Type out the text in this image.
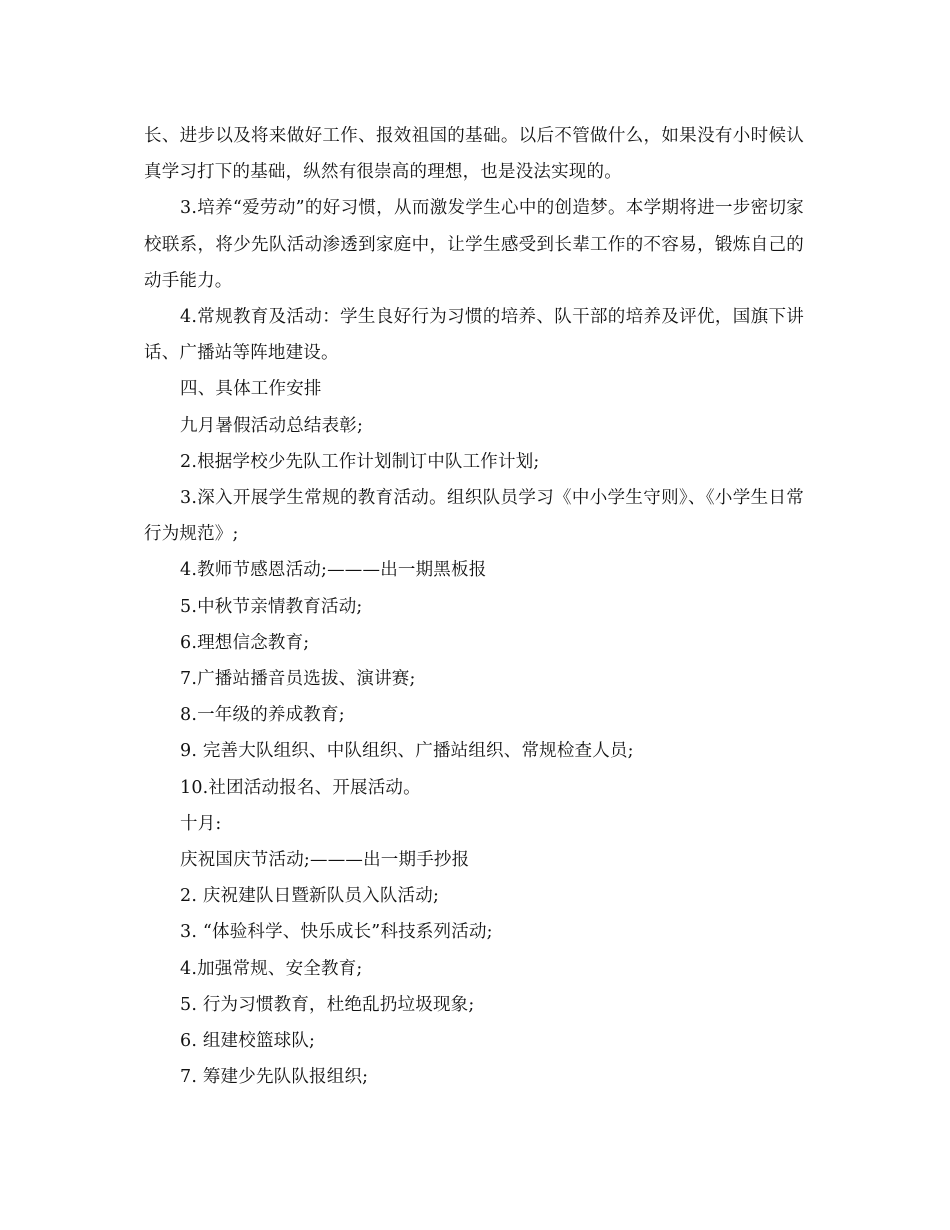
长、进步以及将来做好工作、报效祖国的基础。以后不管做什么，如果没有小时候认真学习打下的基础，纵然有很崇高的理想，也是没法实现的。

3.培养“爱劳动”的好习惯，从而激发学生心中的创造梦。本学期将进一步密切家校联系，将少先队活动渗透到家庭中，让学生感受到长辈工作的不容易，锻炼自己的动手能力。

4.常规教育及活动：学生良好行为习惯的培养、队干部的培养及评优，国旗下讲话、广播站等阵地建设。

四、具体工作安排

九月暑假活动总结表彰;

2.根据学校少先队工作计划制订中队工作计划;

3.深入开展学生常规的教育活动。组织队员学习《中小学生守则》、《小学生日常行为规范》;

4.教师节感恩活动;———出一期黑板报

5.中秋节亲情教育活动;

6.理想信念教育;

7.广播站播音员选拔、演讲赛;

8.一年级的养成教育;

9. 完善大队组织、中队组织、广播站组织、常规检查人员;

10.社团活动报名、开展活动。

十月:

庆祝国庆节活动;———出一期手抄报

2. 庆祝建队日暨新队员入队活动;

3. “体验科学、快乐成长”科技系列活动;

4.加强常规、安全教育;

5. 行为习惯教育，杜绝乱扔垃圾现象;

6. 组建校篮球队;

7. 筹建少先队队报组织;
